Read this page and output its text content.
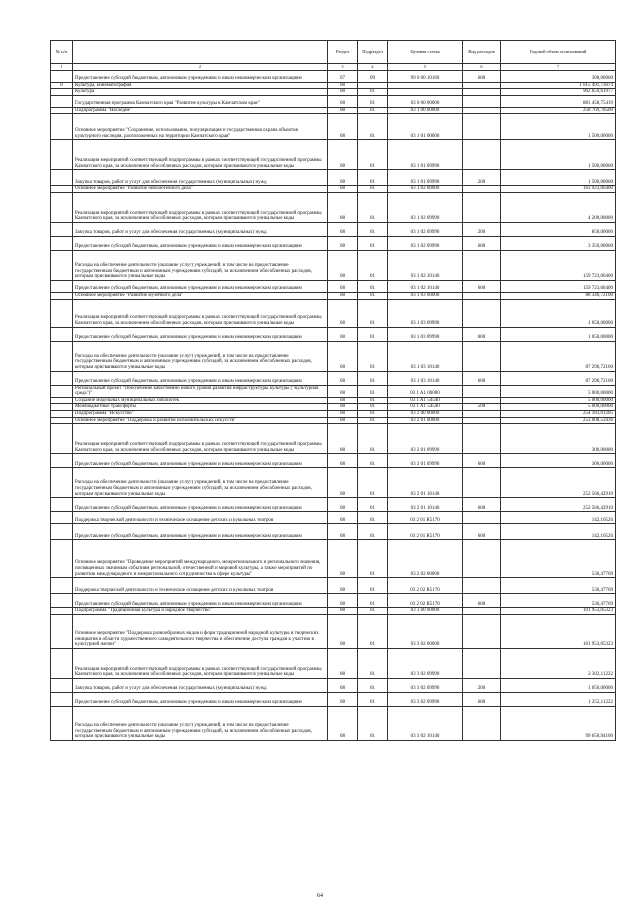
№ п/п		Раздел	Подраздел	Целевая статья	Вид расходов	Годовой объем ассигнований
1	2	3	4	5	6	7
	Предоставление субсидий бюджетным, автономным учреждениям и иным некоммерческим организациям	07	09	99 0 00 10160	600	300,00000
8	Культура, кинематография	08				1 015 491,73674
	Культура	08	01			962 659,61977
	Государственная программа Камчатского края "Развитие культуры в Камчатском крае"	08	01	03 0 00 00000		881 458,75419
	Подпрограмма "Наследие"	08	01	03 1 00 00000		258 769,78500
	Основное мероприятие "Сохранение, использование, популяризация и государственная охрана объектов культурного наследия, расположенных на территории Камчатского края"	08	01	03 1 01 00000		1 500,00000
	Реализация мероприятий соответствующей подпрограммы в рамках соответствующей государственной программы Камчатского края, за исключением обособленных расходов, которым присваиваются уникальные коды	08	01	03 1 01 09990		1 500,00000
	Закупка товаров, работ и услуг для обеспечения государственных (муниципальных) нужд	08	01	03 1 01 09990	200	1 500,00000
	Основное мероприятие "Развитие библиотечного дела"	08	01	03 1 02 00000		163 923,06400
	Реализация мероприятий соответствующей подпрограммы в рамках соответствующей государственной программы Камчатского края, за исключением обособленных расходов, которым присваиваются уникальные коды	08	01	03 1 02 09990		4 200,00000
	Закупка товаров, работ и услуг для обеспечения государственных (муниципальных) нужд	08	01	03 1 02 09990	200	850,00000
	Предоставление субсидий бюджетным, автономным учреждениям и иным некоммерческим организациям	08	01	03 1 02 09990	600	3 350,00000
	Расходы на обеспечение деятельности (оказание услуг) учреждений, в том числе на предоставление государственным бюджетным и автономным учреждениям субсидий, за исключением обособленных расходов, которым присваиваются уникальные коды	08	01	03 1 02 10140		159 723,06400
	Предоставление субсидий бюджетным, автономным учреждениям и иным некоммерческим организациям	08	01	03 1 02 10140	600	159 723,06400
	Основное мероприятие "Развитие музейного дела"	08	01	03 1 03 00000		88 346,72100
	Реализация мероприятий соответствующей подпрограммы в рамках соответствующей государственной программы Камчатского края, за исключением обособленных расходов, которым присваиваются уникальные коды	08	01	03 1 03 09990		1 050,00000
	Предоставление субсидий бюджетным, автономным учреждениям и иным некоммерческим организациям	08	01	03 1 03 09990	600	1 050,00000
	Расходы на обеспечение деятельности (оказание услуг) учреждений, в том числе на предоставление государственным бюджетным и автономным учреждениям субсидий, за исключением обособленных расходов, которым присваиваются уникальные коды	08	01	03 1 03 10140		87 296,72100
	Предоставление субсидий бюджетным, автономным учреждениям и иным некоммерческим организациям	08	01	03 1 03 10140	600	87 296,72100
	Региональный проект "Обеспечение качественно нового уровня развития инфраструктуры культуры ("Культурная среда")"	08	01	03 1 A1 00000		5 000,00000
	Создание модельных муниципальных библиотек	08	01	03 1 A1 54540		5 000,00000
	Межбюджетные трансферты	08	01	03 1 A1 54540	500	5 000,00000
	Подпрограмма "Искусство"	08	01	03 2 00 00000		254 183,01205
	Основное мероприятие "Поддержка и развитие исполнительских искусств"	08	01	03 2 01 00000		253 008,53436
	Реализация мероприятий соответствующей подпрограммы в рамках соответствующей государственной программы Камчатского края, за исключением обособленных расходов, которым присваиваются уникальные коды	08	01	03 2 01 09990		300,00000
	Предоставление субсидий бюджетным, автономным учреждениям и иным некоммерческим организациям	08	01	03 2 01 09990	600	300,00000
	Расходы на обеспечение деятельности (оказание услуг) учреждений, в том числе на предоставление государственным бюджетным и автономным учреждениям субсидий, за исключением обособленных расходов, которым присваиваются уникальные коды	08	01	03 2 01 10140		252 566,42910
	Предоставление субсидий бюджетным, автономным учреждениям и иным некоммерческим организациям	08	01	03 2 01 10140	600	252 566,42910
	Поддержка творческой деятельности и техническое оснащение детских и кукольных театров	08	01	03 2 01 R5170		142,10526
	Предоставление субсидий бюджетным, автономным учреждениям и иным некоммерческим организациям	08	01	03 2 01 R5170	600	142,10526
	Основное мероприятие "Проведение мероприятий международного, межрегионального и регионального значения, посвященных значимым событиям региональной, отечественной и мировой культуры, а также мероприятий по развитию международного и межрегионального сотрудничества в сфере культуры"	08	01	03 2 02 00000		536,47769
	Поддержка творческой деятельности и техническое оснащение детских и кукольных театров	08	01	03 2 02 R5170		536,47769
	Предоставление субсидий бюджетным, автономным учреждениям и иным некоммерческим организациям	08	01	03 2 02 R5170	600	536,47769
	Подпрограмма "Традиционная культура и народное творчество"	08	01	03 3 00 00000		101 953,05323
	Основное мероприятие "Поддержка разнообразных видов и форм традиционной народной культуры и творческих инициатив в области художественного самодеятельного творчества и обеспечение доступа граждан к участию в культурной жизни"	08	01	03 3 02 00000		101 953,05323
	Реализация мероприятий соответствующей подпрограммы в рамках соответствующей государственной программы Камчатского края, за исключением обособленных расходов, которым присваиваются уникальные коды	08	01	03 3 02 09990		2 302,11222
	Закупка товаров, работ и услуг для обеспечения государственных (муниципальных) нужд	08	01	03 3 02 09990	200	1 050,00000
	Предоставление субсидий бюджетным, автономным учреждениям и иным некоммерческим организациям	08	01	03 3 02 09990	600	1 252,11222
	Расходы на обеспечение деятельности (оказание услуг) учреждений, в том числе на предоставление государственным бюджетным и автономным учреждениям субсидий, за исключением обособленных расходов, которым присваиваются уникальные коды	08	01	03 3 02 10140		99 650,94100
64
